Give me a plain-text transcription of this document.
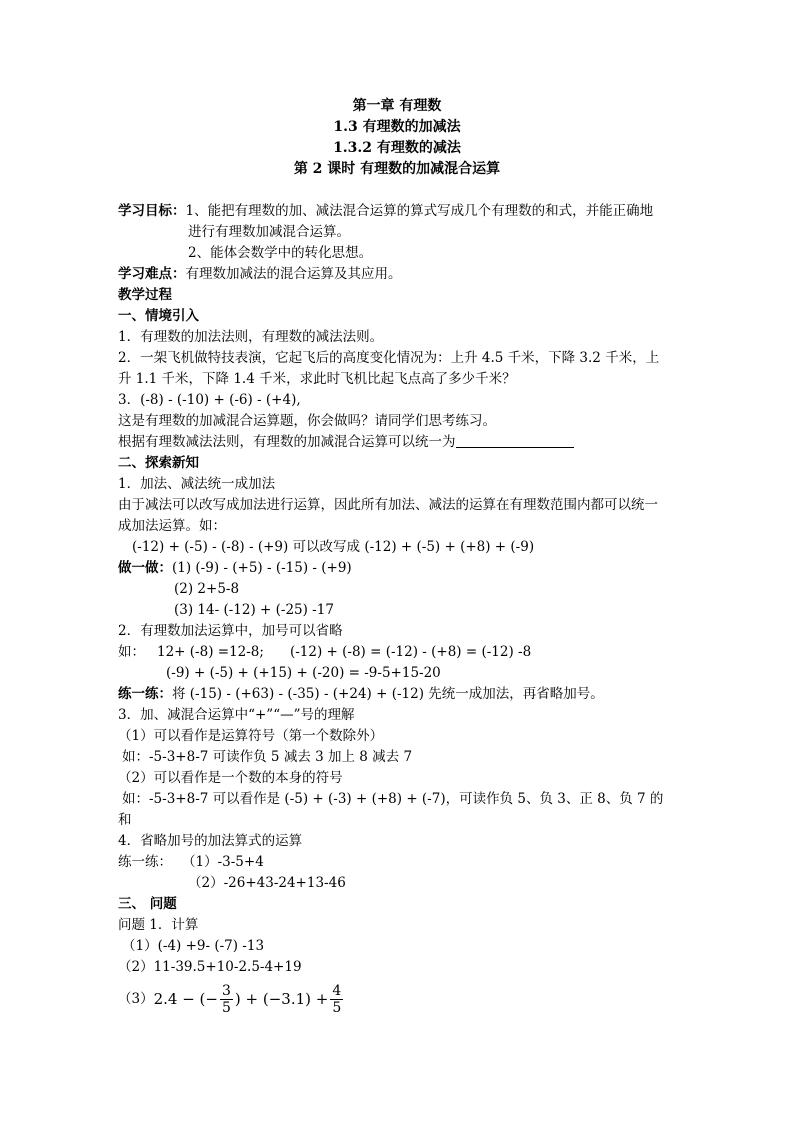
第一章 有理数
1.3 有理数的加减法
1.3.2 有理数的减法
第 2 课时 有理数的加减混合运算
学习目标：1、能把有理数的加、减法混合运算的算式写成几个有理数的和式，并能正确地
进行有理数加减混合运算。
2、能体会数学中的转化思想。
学习难点：有理数加减法的混合运算及其应用。
教学过程
一、情境引入
1．有理数的加法法则，有理数的减法法则。
2．一架飞机做特技表演，它起飞后的高度变化情况为：上升 4.5 千米，下降 3.2 千米，上
升 1.1 千米，下降 1.4 千米，求此时飞机比起飞点高了多少千米？
3．(-8) - (-10) + (-6) - (+4),
这是有理数的加减混合运算题，你会做吗？请同学们思考练习。
根据有理数减法法则，有理数的加减混合运算可以统一为
二、探索新知
1．加法、减法统一成加法
由于减法可以改写成加法进行运算，因此所有加法、减法的运算在有理数范围内都可以统一
成加法运算。如：
(-12) + (-5) - (-8) - (+9) 可以改写成 (-12) + (-5) + (+8) + (-9)
做一做：(1) (-9) - (+5) - (-15) - (+9)
(2) 2+5-8
(3) 14- (-12) + (-25) -17
2．有理数加法运算中，加号可以省略
如： 12+ (-8) =12-8; (-12) + (-8) = (-12) - (+8) = (-12) -8
(-9) + (-5) + (+15) + (-20) = -9-5+15-20
练一练：将 (-15) - (+63) - (-35) - (+24) + (-12) 先统一成加法，再省略加号。
3．加、减混合运算中“+”“—”号的理解
（1）可以看作是运算符号（第一个数除外）
如：-5-3+8-7 可读作负 5 减去 3 加上 8 减去 7
（2）可以看作是一个数的本身的符号
如：-5-3+8-7 可以看作是 (-5) + (-3) + (+8) + (-7)，可读作负 5、负 3、正 8、负 7 的
和
4．省略加号的加法算式的运算
练一练： （1）-3-5+4
（2）-26+43-24+13-46
三、 问题
问题 1．计算
（1）(-4) +9- (-7) -13
（2）11-39.5+10-2.5-4+19
（3） 2.4 − (− $\frac{3}{5}$ ) + $(-3.1) + \frac{4}{5}$
